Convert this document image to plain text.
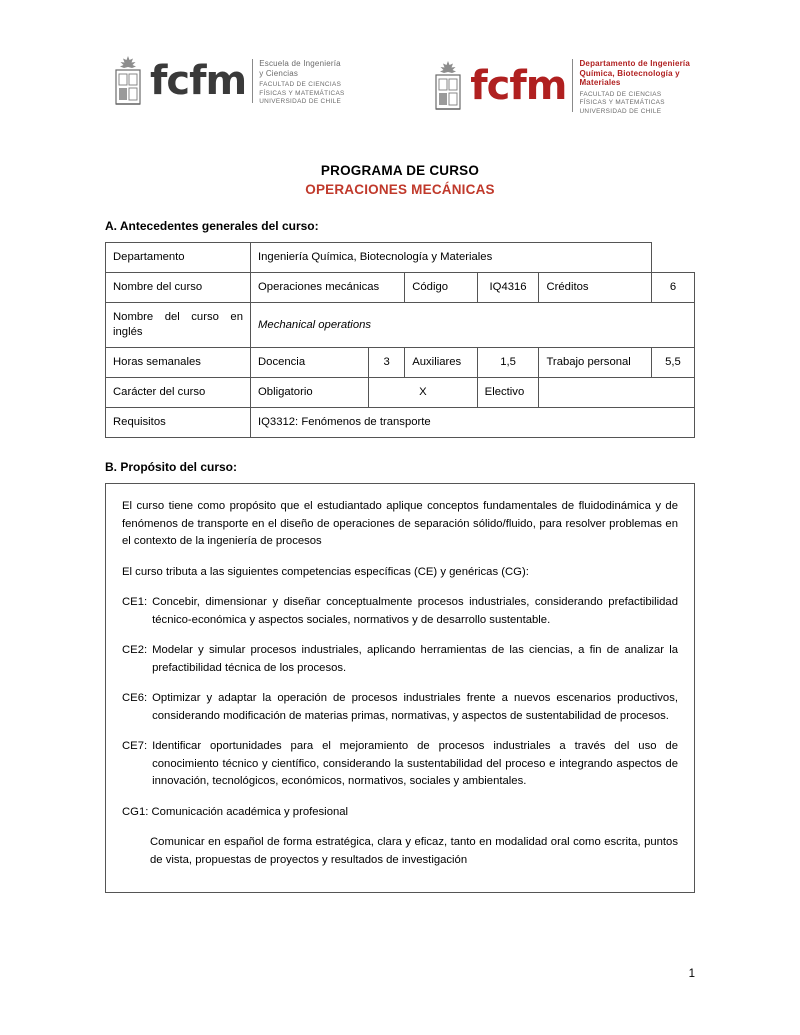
fcfm	Escuela de Ingeniería
y Ciencias
FACULTAD DE CIENCIAS
FÍSICAS Y MATEMÁTICAS
UNIVERSIDAD DE CHILE	fcfm	Departamento de Ingeniería
Química, Biotecnología y
Materiales
FACULTAD DE CIENCIAS
FÍSICAS Y MATEMÁTICAS
UNIVERSIDAD DE CHILE
PROGRAMA DE CURSO
OPERACIONES MECÁNICAS
A. Antecedentes generales del curso:
Departamento	Ingeniería Química, Biotecnología y Materiales					
Nombre del curso	Operaciones mecánicas		Código	IQ4316	Créditos	6
Nombre del curso en inglés	Mechanical operations					
Horas semanales	Docencia	3	Auxiliares	1,5	Trabajo personal	5,5
Carácter del curso	Obligatorio	X		Electivo		
Requisitos	IQ3312: Fenómenos de transporte					
B. Propósito del curso:

El curso tiene como propósito que el estudiantado aplique conceptos fundamentales de fluidodinámica y de fenómenos de transporte en el diseño de operaciones de separación sólido/fluido, para resolver problemas en el contexto de la ingeniería de procesos

El curso tributa a las siguientes competencias específicas (CE) y genéricas (CG):

CE1: Concebir, dimensionar y diseñar conceptualmente procesos industriales, considerando prefactibilidad técnico-económica y aspectos sociales, normativos y de desarrollo sustentable.
CE2: Modelar y simular procesos industriales, aplicando herramientas de las ciencias, a fin de analizar la prefactibilidad técnica de los procesos.
CE6: Optimizar y adaptar la operación de procesos industriales frente a nuevos escenarios productivos, considerando modificación de materias primas, normativas, y aspectos de sustentabilidad de procesos.
CE7: Identificar oportunidades para el mejoramiento de procesos industriales a través del uso de conocimiento técnico y científico, considerando la sustentabilidad del proceso e integrando aspectos de innovación, tecnológicos, económicos, normativos, sociales y ambientales.

CG1: Comunicación académica y profesional

Comunicar en español de forma estratégica, clara y eficaz, tanto en modalidad oral como escrita, puntos de vista, propuestas de proyectos y resultados de investigación
1
